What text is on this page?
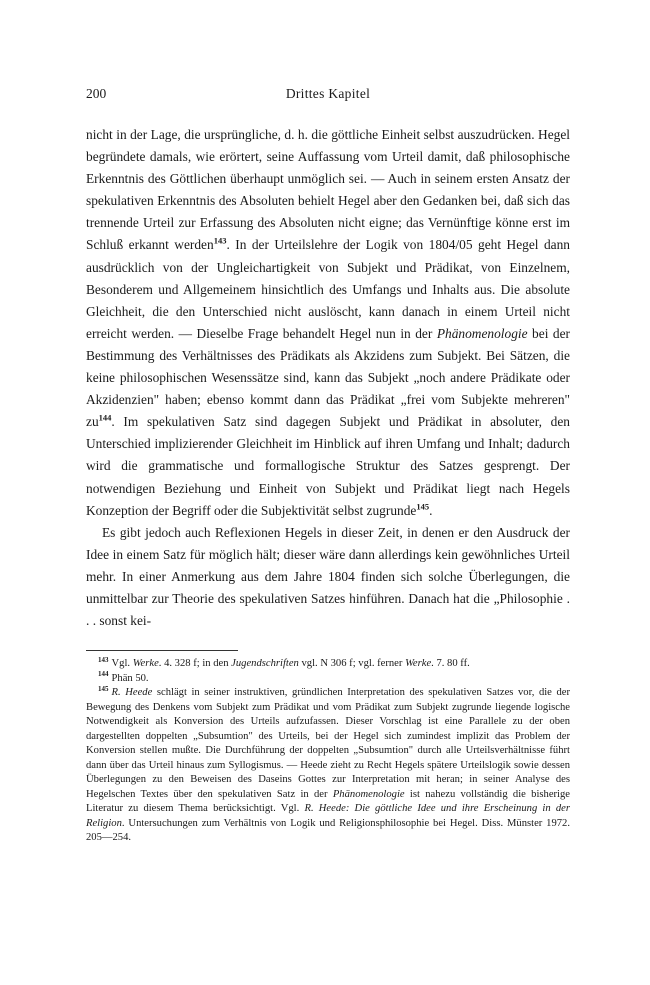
200	Drittes Kapitel

nicht in der Lage, die ursprüngliche, d. h. die göttliche Einheit selbst auszudrücken. Hegel begründete damals, wie erörtert, seine Auffassung vom Urteil damit, daß philosophische Erkenntnis des Göttlichen überhaupt unmöglich sei. — Auch in seinem ersten Ansatz der spekulativen Erkenntnis des Absoluten behielt Hegel aber den Gedanken bei, daß sich das trennende Urteil zur Erfassung des Absoluten nicht eigne; das Vernünftige könne erst im Schluß erkannt werden$^{143}$. In der Urteilslehre der Logik von 1804/05 geht Hegel dann ausdrücklich von der Ungleichartigkeit von Subjekt und Prädikat, von Einzelnem, Besonderem und Allgemeinem hinsichtlich des Umfangs und Inhalts aus. Die absolute Gleichheit, die den Unterschied nicht auslöscht, kann danach in einem Urteil nicht erreicht werden. — Dieselbe Frage behandelt Hegel nun in der Phänomenologie bei der Bestimmung des Verhältnisses des Prädikats als Akzidens zum Subjekt. Bei Sätzen, die keine philosophischen Wesenssätze sind, kann das Subjekt „noch andere Prädikate oder Akzidenzien" haben; ebenso kommt dann das Prädikat „frei vom Subjekte mehreren" zu$^{144}$. Im spekulativen Satz sind dagegen Subjekt und Prädikat in absoluter, den Unterschied implizierender Gleichheit im Hinblick auf ihren Umfang und Inhalt; dadurch wird die grammatische und formallogische Struktur des Satzes gesprengt. Der notwendigen Beziehung und Einheit von Subjekt und Prädikat liegt nach Hegels Konzeption der Begriff oder die Subjektivität selbst zugrunde$^{145}$.

Es gibt jedoch auch Reflexionen Hegels in dieser Zeit, in denen er den Ausdruck der Idee in einem Satz für möglich hält; dieser wäre dann allerdings kein gewöhnliches Urteil mehr. In einer Anmerkung aus dem Jahre 1804 finden sich solche Überlegungen, die unmittelbar zur Theorie des spekulativen Satzes hinführen. Danach hat die „Philosophie . . . sonst kei-

$^{143}$ Vgl. Werke. 4. 328 f; in den Jugendschriften vgl. N 306 f; vgl. ferner Werke. 7. 80 ff.

$^{144}$ Phän 50.

$^{145}$ R. Heede schlägt in seiner instruktiven, gründlichen Interpretation des spekulativen Satzes vor, die der Bewegung des Denkens vom Subjekt zum Prädikat und vom Prädikat zum Subjekt zugrunde liegende logische Notwendigkeit als Konversion des Urteils aufzufassen. Dieser Vorschlag ist eine Parallele zu der oben dargestellten doppelten „Subsumtion" des Urteils, bei der Hegel sich zumindest implizit das Problem der Konversion stellen mußte. Die Durchführung der doppelten „Subsumtion" durch alle Urteilsverhältnisse führt dann über das Urteil hinaus zum Syllogismus. — Heede zieht zu Recht Hegels spätere Urteilslogik sowie dessen Überlegungen zu den Beweisen des Daseins Gottes zur Interpretation mit heran; in seiner Analyse des Hegelschen Textes über den spekulativen Satz in der Phänomenologie ist nahezu vollständig die bisherige Literatur zu diesem Thema berücksichtigt. Vgl. R. Heede: Die göttliche Idee und ihre Erscheinung in der Religion. Untersuchungen zum Verhältnis von Logik und Religionsphilosophie bei Hegel. Diss. Münster 1972. 205—254.
